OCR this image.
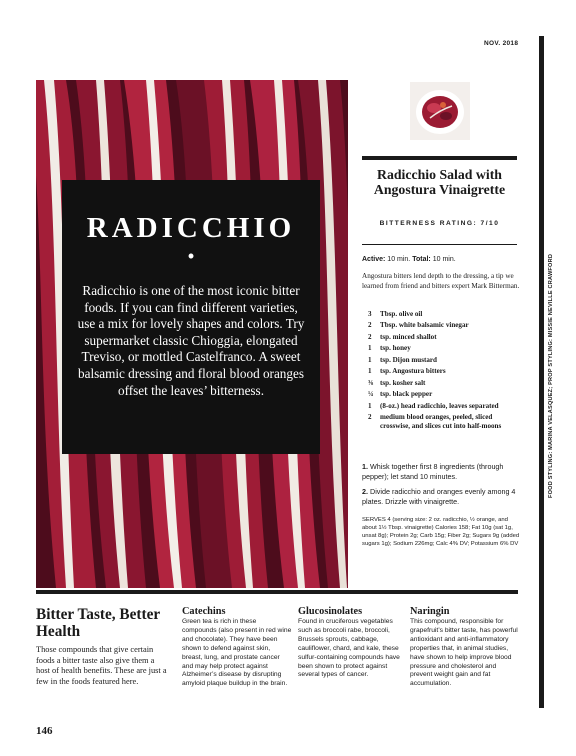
NOV. 2018
FOOD STYLING: MARINA VELASQUEZ; PROP STYLING: MISSIE NEVILLE CRAWFORD
RADICCHIO
•

Radicchio is one of the most iconic bitter foods. If you can find different varieties, use a mix for lovely shapes and colors. Try supermarket classic Chioggia, elongated Treviso, or mottled Castelfranco. A sweet balsamic dressing and floral blood oranges offset the leaves’ bitterness.

Radicchio Salad with Angostura Vinaigrette
BITTERNESS RATING: 7/10
Active: 10 min. Total: 10 min.

Angostura bitters lend depth to the dressing, a tip we learned from friend and bitters expert Mark Bitterman.

3	Tbsp. olive oil
2	Tbsp. white balsamic vinegar
2	tsp. minced shallot
1	tsp. honey
1	tsp. Dijon mustard
1	tsp. Angostura bitters
⅜ tsp. kosher salt
¼ tsp. black pepper
1	(8-oz.) head radicchio, leaves separated
2	medium blood oranges, peeled, sliced crosswise, and slices cut into half-moons

1. Whisk together first 8 ingredients (through pepper); let stand 10 minutes.

2. Divide radicchio and oranges evenly among 4 plates. Drizzle with vinaigrette.

SERVES 4 (serving size: 2 oz. radicchio, ½ orange, and about 1½ Tbsp. vinaigrette) Calories 158; Fat 10g (sat 1g, unsat 8g); Protein 2g; Carb 15g; Fiber 2g; Sugars 9g (added sugars 1g); Sodium 226mg; Calc 4% DV; Potassium 6% DV

Bitter Taste, Better Health

Those compounds that give certain foods a bitter taste also give them a host of health benefits. These are just a few in the foods featured here.

Catechins

Green tea is rich in these compounds (also present in red wine and chocolate). They have been shown to defend against skin, breast, lung, and prostate cancer and may help protect against Alzheimer’s disease by disrupting amyloid plaque buildup in the brain.

Glucosinolates

Found in cruciferous vegetables such as broccoli rabe, broccoli, Brussels sprouts, cabbage, cauliflower, chard, and kale, these sulfur-containing compounds have been shown to protect against several types of cancer.

Naringin

This compound, responsible for grapefruit’s bitter taste, has powerful antioxidant and anti-inflammatory properties that, in animal studies, have shown to help improve blood pressure and cholesterol and prevent weight gain and fat accumulation.

146
